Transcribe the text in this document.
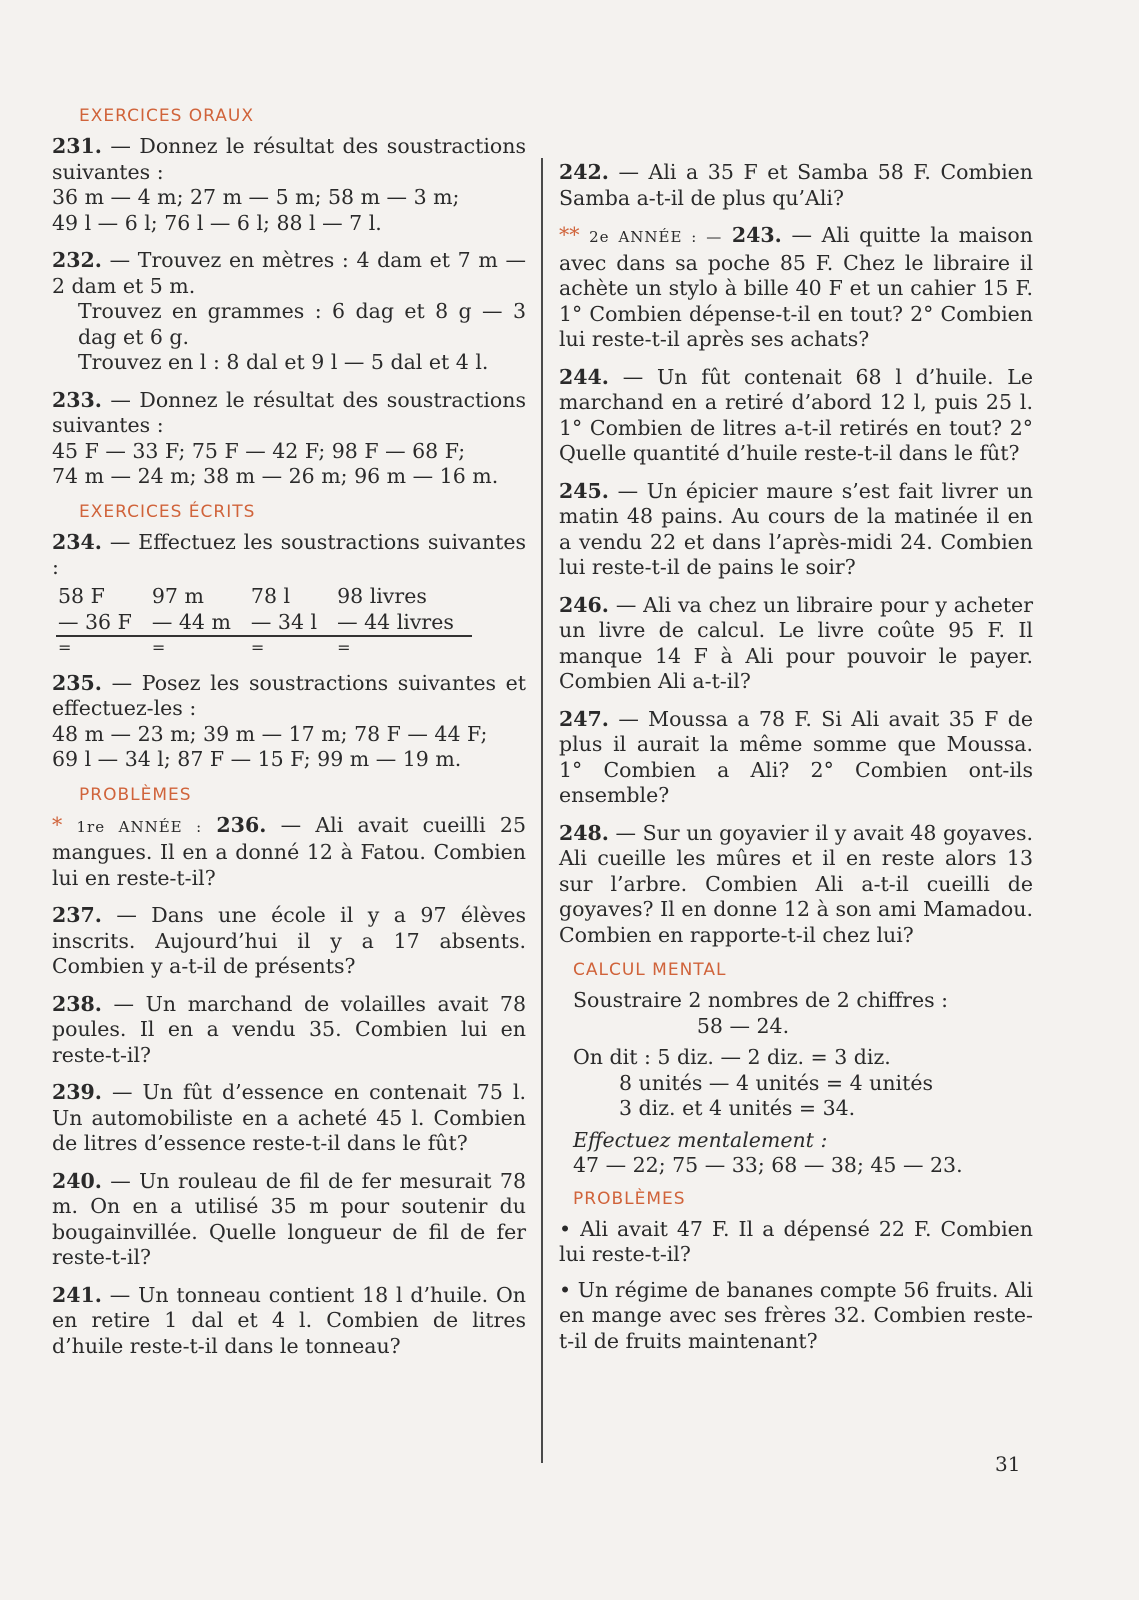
EXERCICES ORAUX
231. — Donnez le résultat des soustractions suivantes :
36 m — 4 m; 27 m — 5 m; 58 m — 3 m;
49 l — 6 l; 76 l — 6 l; 88 l — 7 l.
232. — Trouvez en mètres : 4 dam et 7 m — 2 dam et 5 m.
Trouvez en grammes : 6 dag et 8 g — 3 dag et 6 g.
Trouvez en l : 8 dal et 9 l — 5 dal et 4 l.
233. — Donnez le résultat des soustractions suivantes :
45 F — 33 F; 75 F — 42 F; 98 F — 68 F;
74 m — 24 m; 38 m — 26 m; 96 m — 16 m.
EXERCICES ÉCRITS
234. — Effectuez les soustractions suivantes :
58 F	97 m	78 l	98 livres
— 36 F	— 44 m	— 34 l	— 44 livres
=	=	=	=
235. — Posez les soustractions suivantes et effectuez-les :
48 m — 23 m; 39 m — 17 m; 78 F — 44 F;
69 l — 34 l; 87 F — 15 F; 99 m — 19 m.
PROBLÈMES
* 1re ANNÉE : 236. — Ali avait cueilli 25 mangues. Il en a donné 12 à Fatou. Combien lui en reste-t-il?
237. — Dans une école il y a 97 élèves inscrits. Aujourd’hui il y a 17 absents. Combien y a-t-il de présents?
238. — Un marchand de volailles avait 78 poules. Il en a vendu 35. Combien lui en reste-t-il?
239. — Un fût d’essence en contenait 75 l. Un automobiliste en a acheté 45 l. Combien de litres d’essence reste-t-il dans le fût?
240. — Un rouleau de fil de fer mesurait 78 m. On en a utilisé 35 m pour soutenir du bougainvillée. Quelle longueur de fil de fer reste-t-il?
241. — Un tonneau contient 18 l d’huile. On en retire 1 dal et 4 l. Combien de litres d’huile reste-t-il dans le tonneau?
242. — Ali a 35 F et Samba 58 F. Combien Samba a-t-il de plus qu’Ali?
** 2e ANNÉE : — 243. — Ali quitte la maison avec dans sa poche 85 F. Chez le libraire il achète un stylo à bille 40 F et un cahier 15 F. 1° Combien dépense-t-il en tout? 2° Combien lui reste-t-il après ses achats?
244. — Un fût contenait 68 l d’huile. Le marchand en a retiré d’abord 12 l, puis 25 l. 1° Combien de litres a-t-il retirés en tout? 2° Quelle quantité d’huile reste-t-il dans le fût?
245. — Un épicier maure s’est fait livrer un matin 48 pains. Au cours de la matinée il en a vendu 22 et dans l’après-midi 24. Combien lui reste-t-il de pains le soir?
246. — Ali va chez un libraire pour y acheter un livre de calcul. Le livre coûte 95 F. Il manque 14 F à Ali pour pouvoir le payer. Combien Ali a-t-il?
247. — Moussa a 78 F. Si Ali avait 35 F de plus il aurait la même somme que Moussa. 1° Combien a Ali? 2° Combien ont-ils ensemble?
248. — Sur un goyavier il y avait 48 goyaves. Ali cueille les mûres et il en reste alors 13 sur l’arbre. Combien Ali a-t-il cueilli de goyaves? Il en donne 12 à son ami Mamadou. Combien en rapporte-t-il chez lui?
CALCUL MENTAL
Soustraire 2 nombres de 2 chiffres :
58 — 24.
On dit : 5 diz. — 2 diz. = 3 diz.
8 unités — 4 unités = 4 unités
3 diz. et 4 unités = 34.
Effectuez mentalement :
47 — 22; 75 — 33; 68 — 38; 45 — 23.
PROBLÈMES
• Ali avait 47 F. Il a dépensé 22 F. Combien lui reste-t-il?
• Un régime de bananes compte 56 fruits. Ali en mange avec ses frères 32. Combien reste-t-il de fruits maintenant?
31
